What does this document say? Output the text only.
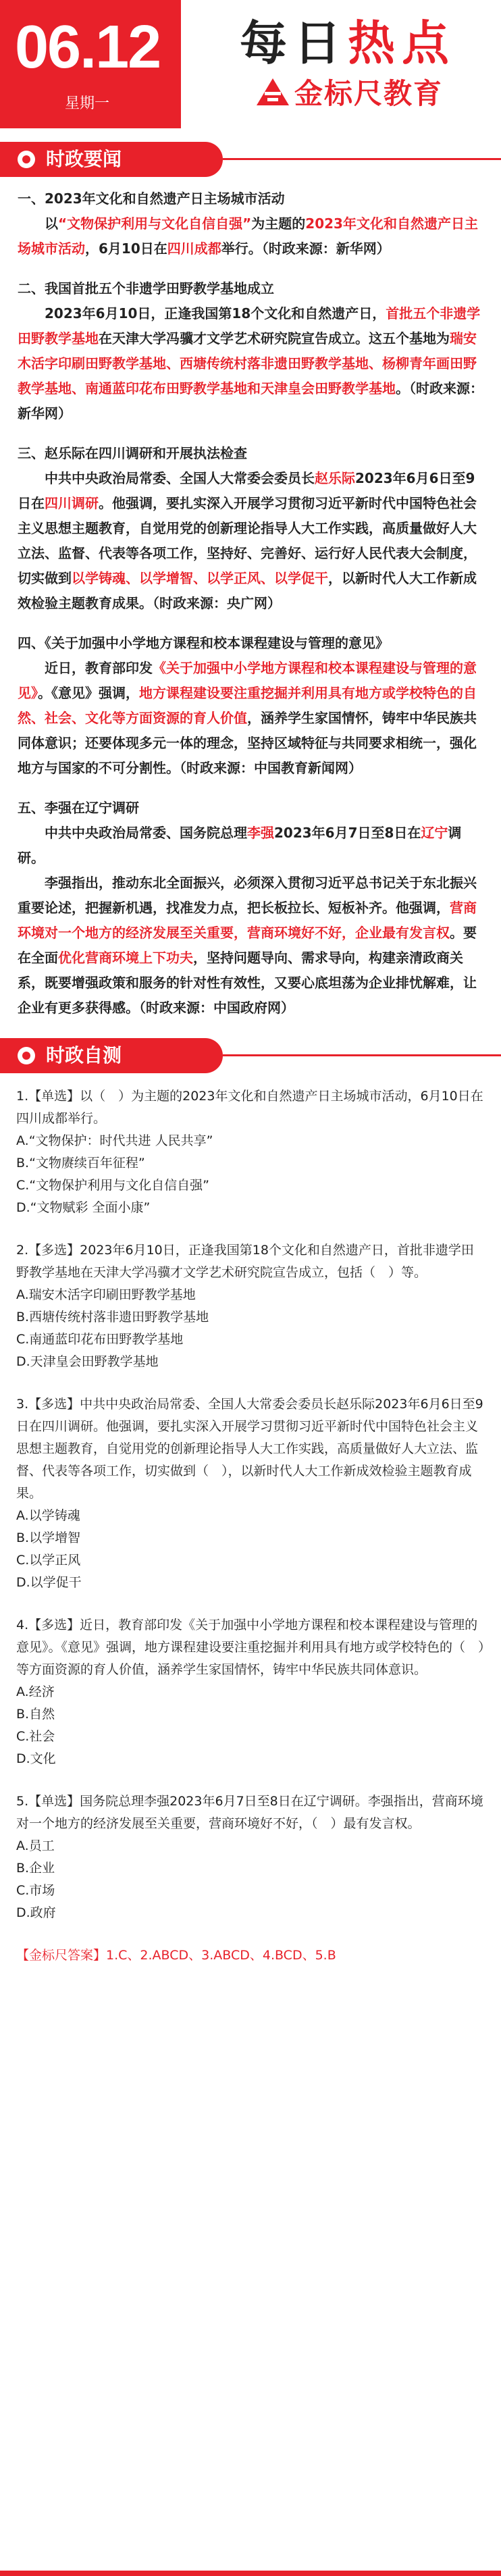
06.12
星期一
每日热点
金标尺教育
时政要闻
一、2023年文化和自然遗产日主场城市活动

以“文物保护利用与文化自信自强”为主题的2023年文化和自然遗产日主场城市活动，6月10日在四川成都举行。（时政来源：新华网）

二、我国首批五个非遗学田野教学基地成立

2023年6月10日，正逢我国第18个文化和自然遗产日，首批五个非遗学田野教学基地在天津大学冯骥才文学艺术研究院宣告成立。这五个基地为瑞安木活字印刷田野教学基地、西塘传统村落非遗田野教学基地、杨柳青年画田野教学基地、南通蓝印花布田野教学基地和天津皇会田野教学基地。（时政来源：新华网）

三、赵乐际在四川调研和开展执法检查

中共中央政治局常委、全国人大常委会委员长赵乐际2023年6月6日至9日在四川调研。他强调，要扎实深入开展学习贯彻习近平新时代中国特色社会主义思想主题教育，自觉用党的创新理论指导人大工作实践，高质量做好人大立法、监督、代表等各项工作，坚持好、完善好、运行好人民代表大会制度，切实做到以学铸魂、以学增智、以学正风、以学促干，以新时代人大工作新成效检验主题教育成果。（时政来源：央广网）

四、《关于加强中小学地方课程和校本课程建设与管理的意见》

近日，教育部印发《关于加强中小学地方课程和校本课程建设与管理的意见》。《意见》强调，地方课程建设要注重挖掘并利用具有地方或学校特色的自然、社会、文化等方面资源的育人价值，涵养学生家国情怀，铸牢中华民族共同体意识；还要体现多元一体的理念，坚持区域特征与共同要求相统一，强化地方与国家的不可分割性。（时政来源：中国教育新闻网）

五、李强在辽宁调研

中共中央政治局常委、国务院总理李强2023年6月7日至8日在辽宁调研。

李强指出，推动东北全面振兴，必须深入贯彻习近平总书记关于东北振兴重要论述，把握新机遇，找准发力点，把长板拉长、短板补齐。他强调，营商环境对一个地方的经济发展至关重要，营商环境好不好，企业最有发言权。要在全面优化营商环境上下功夫，坚持问题导向、需求导向，构建亲清政商关系，既要增强政策和服务的针对性有效性，又要心底坦荡为企业排忧解难，让企业有更多获得感。（时政来源：中国政府网）

时政自测
1.【单选】以（　）为主题的2023年文化和自然遗产日主场城市活动，6月10日在四川成都举行。
A.“文物保护：时代共进 人民共享”
B.“文物赓续百年征程”
C.“文物保护利用与文化自信自强”
D.“文物赋彩 全面小康”
2.【多选】2023年6月10日，正逢我国第18个文化和自然遗产日，首批非遗学田野教学基地在天津大学冯骥才文学艺术研究院宣告成立，包括（　）等。
A.瑞安木活字印刷田野教学基地
B.西塘传统村落非遗田野教学基地
C.南通蓝印花布田野教学基地
D.天津皇会田野教学基地
3.【多选】中共中央政治局常委、全国人大常委会委员长赵乐际2023年6月6日至9日在四川调研。他强调，要扎实深入开展学习贯彻习近平新时代中国特色社会主义思想主题教育，自觉用党的创新理论指导人大工作实践，高质量做好人大立法、监督、代表等各项工作，切实做到（　），以新时代人大工作新成效检验主题教育成果。
A.以学铸魂
B.以学增智
C.以学正风
D.以学促干
4.【多选】近日，教育部印发《关于加强中小学地方课程和校本课程建设与管理的意见》。《意见》强调，地方课程建设要注重挖掘并利用具有地方或学校特色的（　）等方面资源的育人价值，涵养学生家国情怀，铸牢中华民族共同体意识。
A.经济
B.自然
C.社会
D.文化
5.【单选】国务院总理李强2023年6月7日至8日在辽宁调研。李强指出，营商环境对一个地方的经济发展至关重要，营商环境好不好，（　）最有发言权。
A.员工
B.企业
C.市场
D.政府
【金标尺答案】1.C、2.ABCD、3.ABCD、4.BCD、5.B
